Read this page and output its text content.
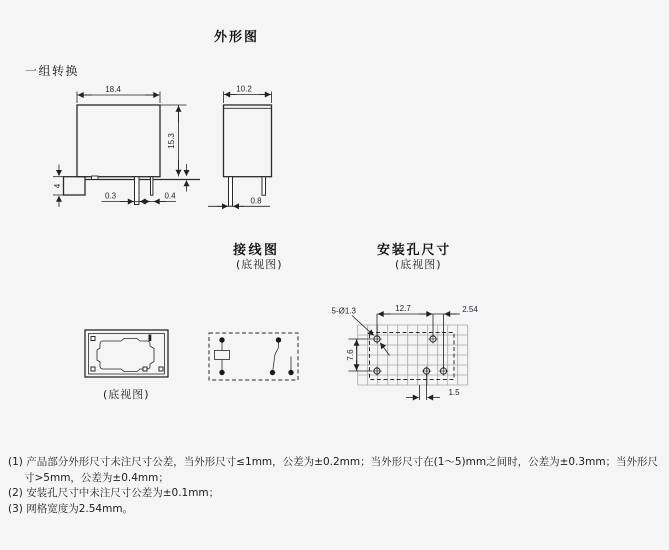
18.4
15.3
4
0.3	0.4
10.2
0.8
12.7	2.54
5-Ø1.3
7.6
1.5
外形图
一组转换
接线图
(底视图)
安装孔尺寸
(底视图)
(底视图)
(1) 产品部分外形尺寸未注尺寸公差，当外形尺寸≤1mm，公差为±0.2mm；当外形尺寸在(1～5)mm之间时，公差为±0.3mm；当外形尺
寸>5mm，公差为±0.4mm；
(2) 安装孔尺寸中未注尺寸公差为±0.1mm；
(3) 网格宽度为2.54mm。
